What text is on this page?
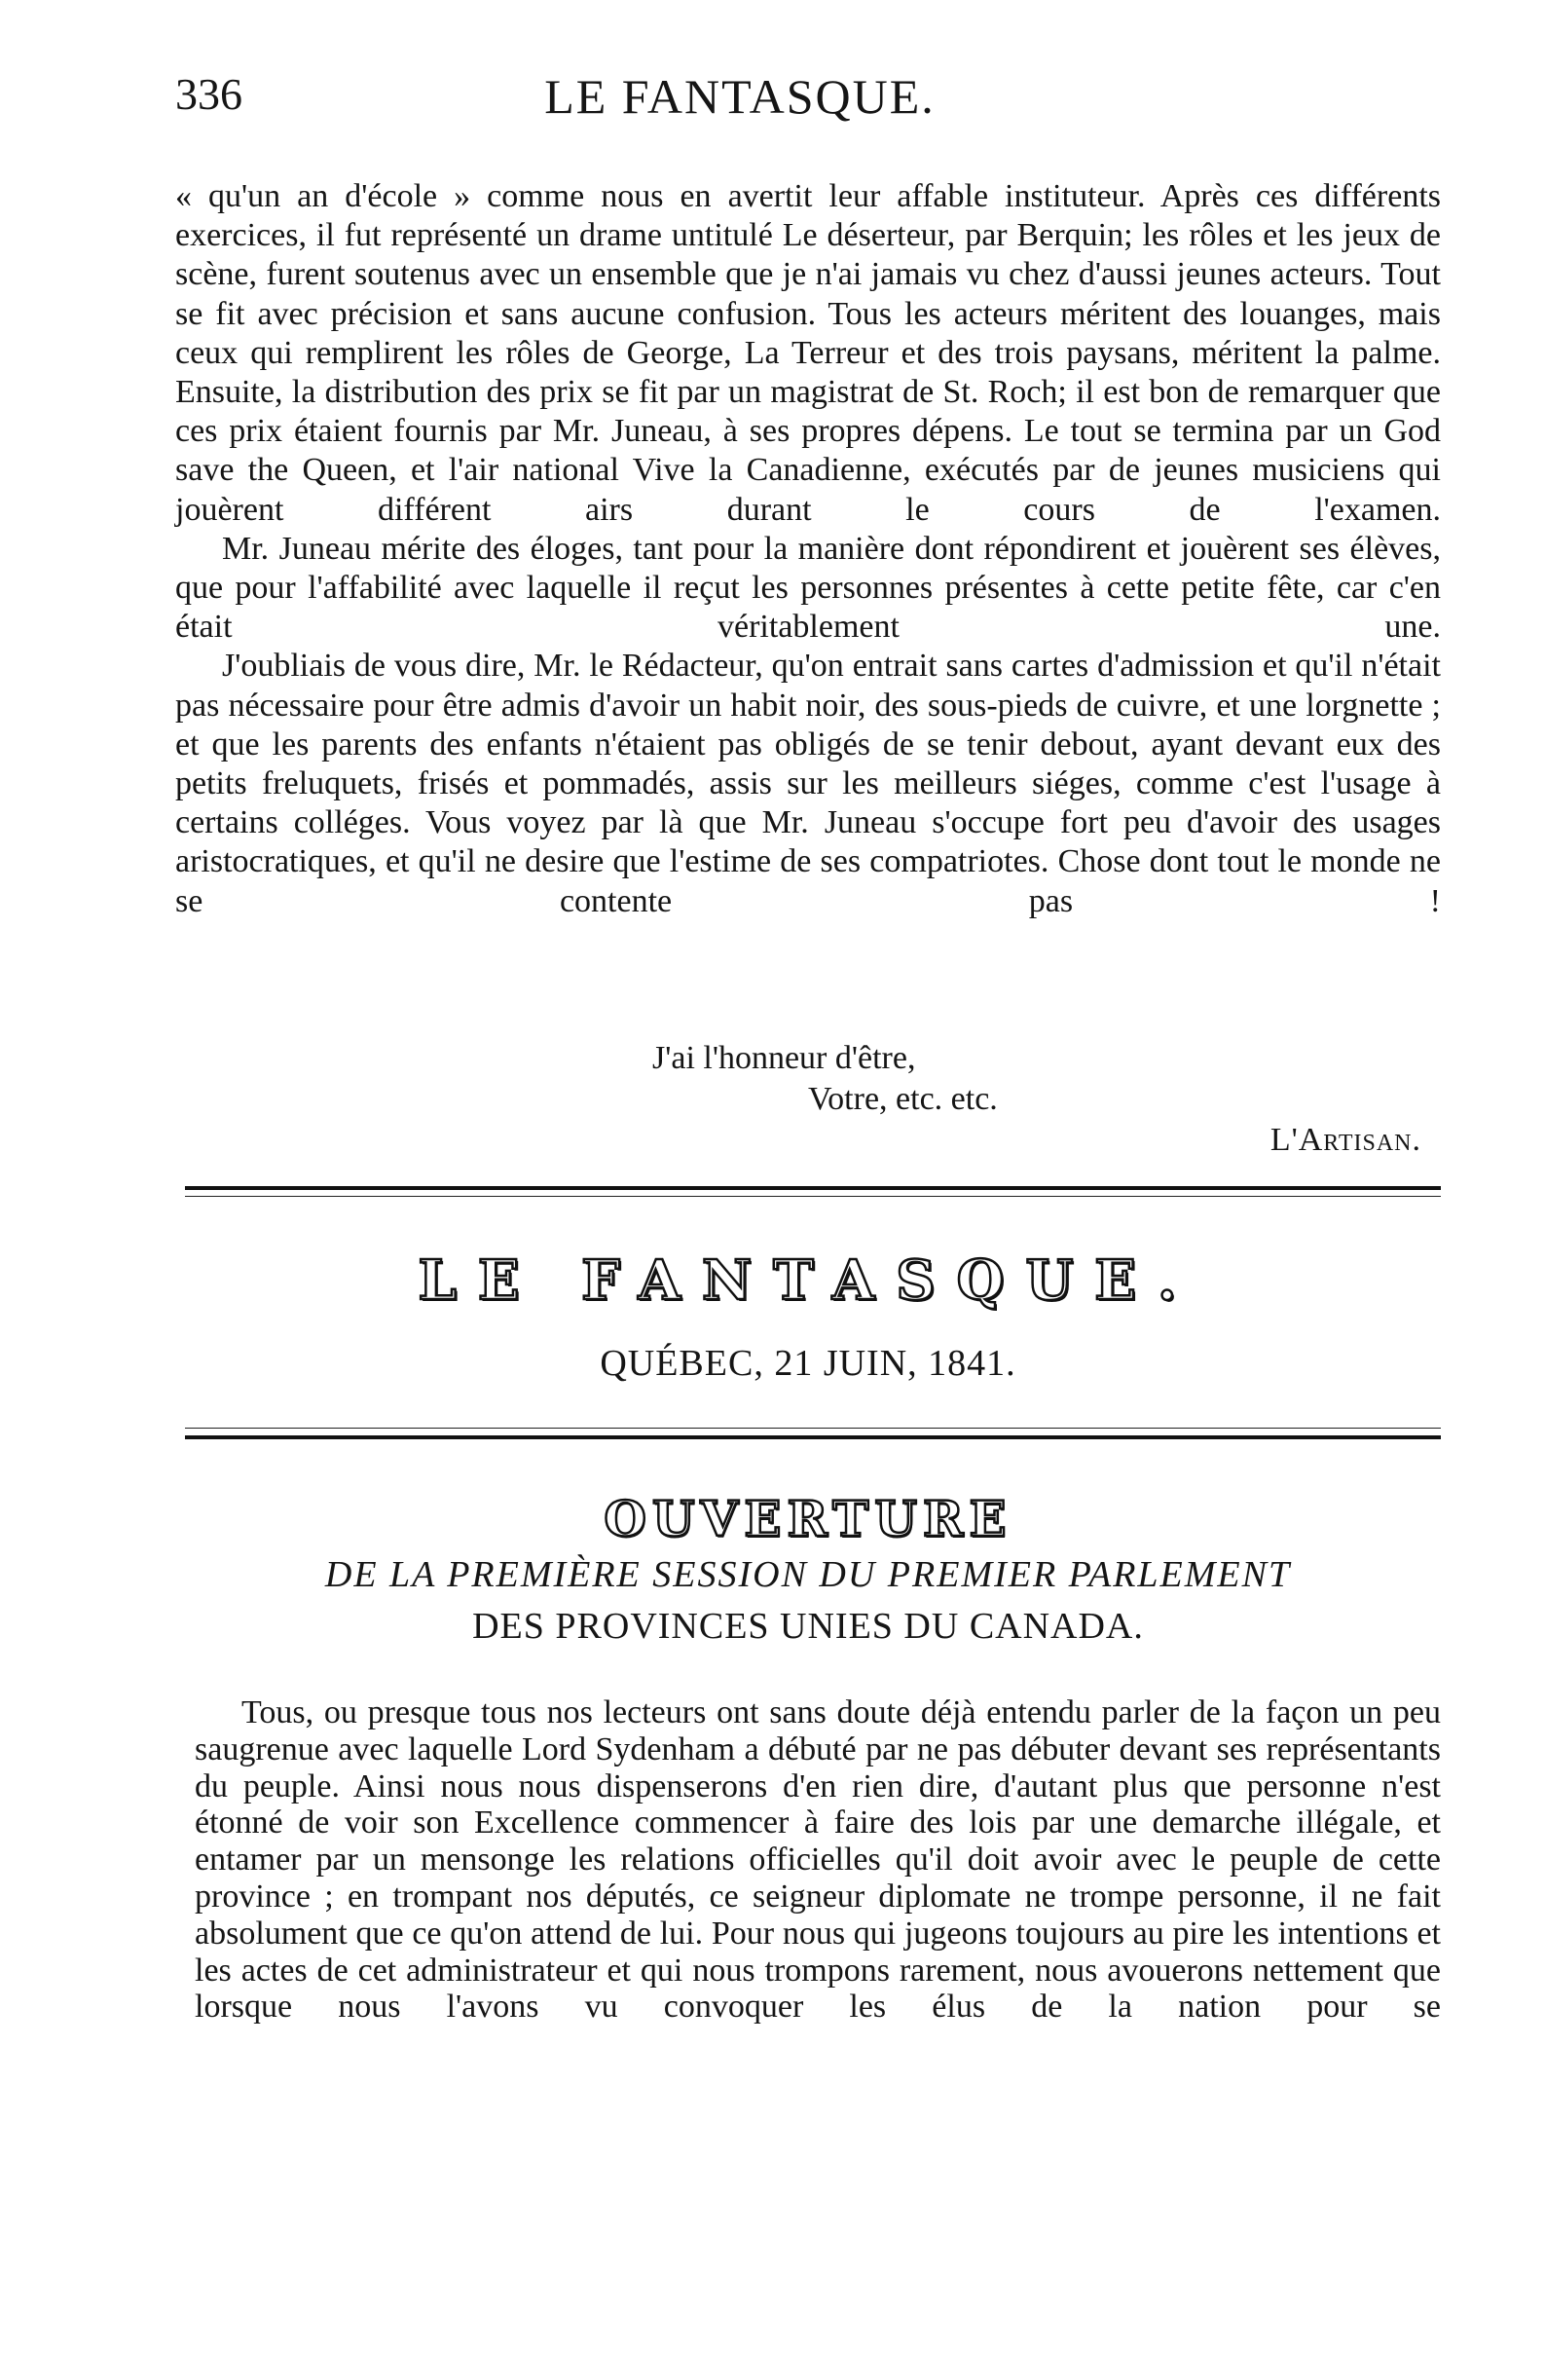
336	LE FANTASQUE.

« qu'un an d'école » comme nous en avertit leur affable instituteur. Après ces différents exercices, il fut représenté un drame untitulé Le déserteur, par Berquin; les rôles et les jeux de scène, furent soutenus avec un ensemble que je n'ai jamais vu chez d'aussi jeunes acteurs. Tout se fit avec précision et sans aucune confusion. Tous les acteurs méritent des louanges, mais ceux qui remplirent les rôles de George, La Terreur et des trois paysans, méritent la palme. Ensuite, la distribution des prix se fit par un magistrat de St. Roch; il est bon de remarquer que ces prix étaient fournis par Mr. Juneau, à ses propres dépens. Le tout se termina par un God save the Queen, et l'air national Vive la Canadienne, exécutés par de jeunes musiciens qui jouèrent différent airs durant le cours de l'examen.

Mr. Juneau mérite des éloges, tant pour la manière dont répondirent et jouèrent ses élèves, que pour l'affabilité avec laquelle il reçut les personnes présentes à cette petite fête, car c'en était véritablement une.

J'oubliais de vous dire, Mr. le Rédacteur, qu'on entrait sans cartes d'admission et qu'il n'était pas nécessaire pour être admis d'avoir un habit noir, des sous-pieds de cuivre, et une lorgnette ; et que les parents des enfants n'étaient pas obligés de se tenir debout, ayant devant eux des petits freluquets, frisés et pommadés, assis sur les meilleurs siéges, comme c'est l'usage à certains colléges. Vous voyez par là que Mr. Juneau s'occupe fort peu d'avoir des usages aristocratiques, et qu'il ne desire que l'estime de ses compatriotes. Chose dont tout le monde ne se contente pas !

J'ai l'honneur d'être,
Votre, etc. etc.
L'Artisan.
LE FANTASQUE.
QUÉBEC, 21 JUIN, 1841.
OUVERTURE
DE LA PREMIÈRE SESSION DU PREMIER PARLEMENT
DES PROVINCES UNIES DU CANADA.

Tous, ou presque tous nos lecteurs ont sans doute déjà entendu parler de la façon un peu saugrenue avec laquelle Lord Sydenham a débuté par ne pas débuter devant ses représentants du peuple. Ainsi nous nous dispenserons d'en rien dire, d'autant plus que personne n'est étonné de voir son Excellence commencer à faire des lois par une demarche illégale, et entamer par un mensonge les relations officielles qu'il doit avoir avec le peuple de cette province ; en trompant nos députés, ce seigneur diplomate ne trompe personne, il ne fait absolument que ce qu'on attend de lui. Pour nous qui jugeons toujours au pire les intentions et les actes de cet administrateur et qui nous trompons rarement, nous avouerons nettement que lorsque nous l'avons vu convoquer les élus de la nation pour se
